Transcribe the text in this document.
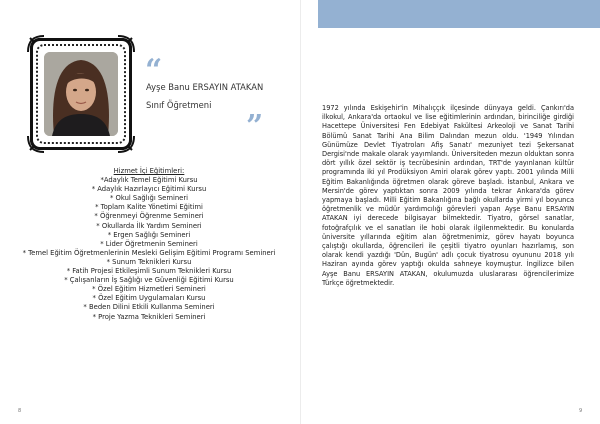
“
Ayşe Banu ERSAYIN ATAKAN
Sınıf Öğretmeni
”
Hizmet İçi Eğitimleri:
*Adaylık Temel Eğitimi Kursu
* Adaylık Hazırlayıcı Eğitimi Kursu
* Okul Sağlığı Semineri
* Toplam Kalite Yönetimi Eğitimi
* Öğrenmeyi Öğrenme Semineri
* Okullarda İlk Yardım Semineri
* Ergen Sağlığı Semineri
* Lider Öğretmenin Semineri
* Temel Eğitim Öğretmenlerinin Mesleki Gelişim Eğitimi Programı Semineri
* Sunum Teknikleri Kursu
* Fatih Projesi Etkileşimli Sunum Teknikleri Kursu
* Çalışanların İş Sağlığı ve Güvenliği Eğitimi Kursu
* Özel Eğitim Hizmetleri Semineri
* Özel Eğitim Uygulamaları Kursu
* Beden Dilini Etkili Kullanma Semineri
* Proje Yazma Teknikleri Semineri
1972 yılında Eskişehir'in Mihalıççık ilçesinde dünyaya geldi. Çankırı'da ilkokul, Ankara'da ortaokul ve lise eğitimlerinin ardından, birinciliğe girdiği Hacettepe Üniversitesi Fen Edebiyat Fakültesi Arkeoloji ve Sanat Tarihi Bölümü Sanat Tarihi Ana Bilim Dalından mezun oldu. '1949 Yılından Günümüze Devlet Tiyatroları Afiş Sanatı' mezuniyet tezi Şekersanat Dergisi'nde makale olarak yayımlandı. Üniversiteden mezun olduktan sonra dört yıllık özel sektör iş tecrübesinin ardından, TRT'de yayınlanan kültür programında iki yıl Prodüksiyon Amiri olarak görev yaptı. 2001 yılında Milli Eğitim Bakanlığında öğretmen olarak göreve başladı. İstanbul, Ankara ve Mersin'de görev yaptıktan sonra 2009 yılında tekrar Ankara'da görev yapmaya başladı. Milli Eğitim Bakanlığına bağlı okullarda yirmi yıl boyunca öğretmenlik ve müdür yardımcılığı görevleri yapan Ayşe Banu ERSAYIN ATAKAN iyi derecede bilgisayar bilmektedir. Tiyatro, görsel sanatlar, fotoğrafçılık ve el sanatları ile hobi olarak ilgilenmektedir. Bu konularda üniversite yıllarında eğitim alan öğretmenimiz, görev hayatı boyunca çalıştığı okullarda, öğrencileri ile çeşitli tiyatro oyunları hazırlamış, son olarak kendi yazdığı 'Dün, Bugün' adlı çocuk tiyatrosu oyununu 2018 yılı Haziran ayında görev yaptığı okulda sahneye koymuştur. İngilizce bilen Ayşe Banu ERSAYIN ATAKAN, okulumuzda uluslararası öğrencilerimize Türkçe öğretmektedir.
8	9
